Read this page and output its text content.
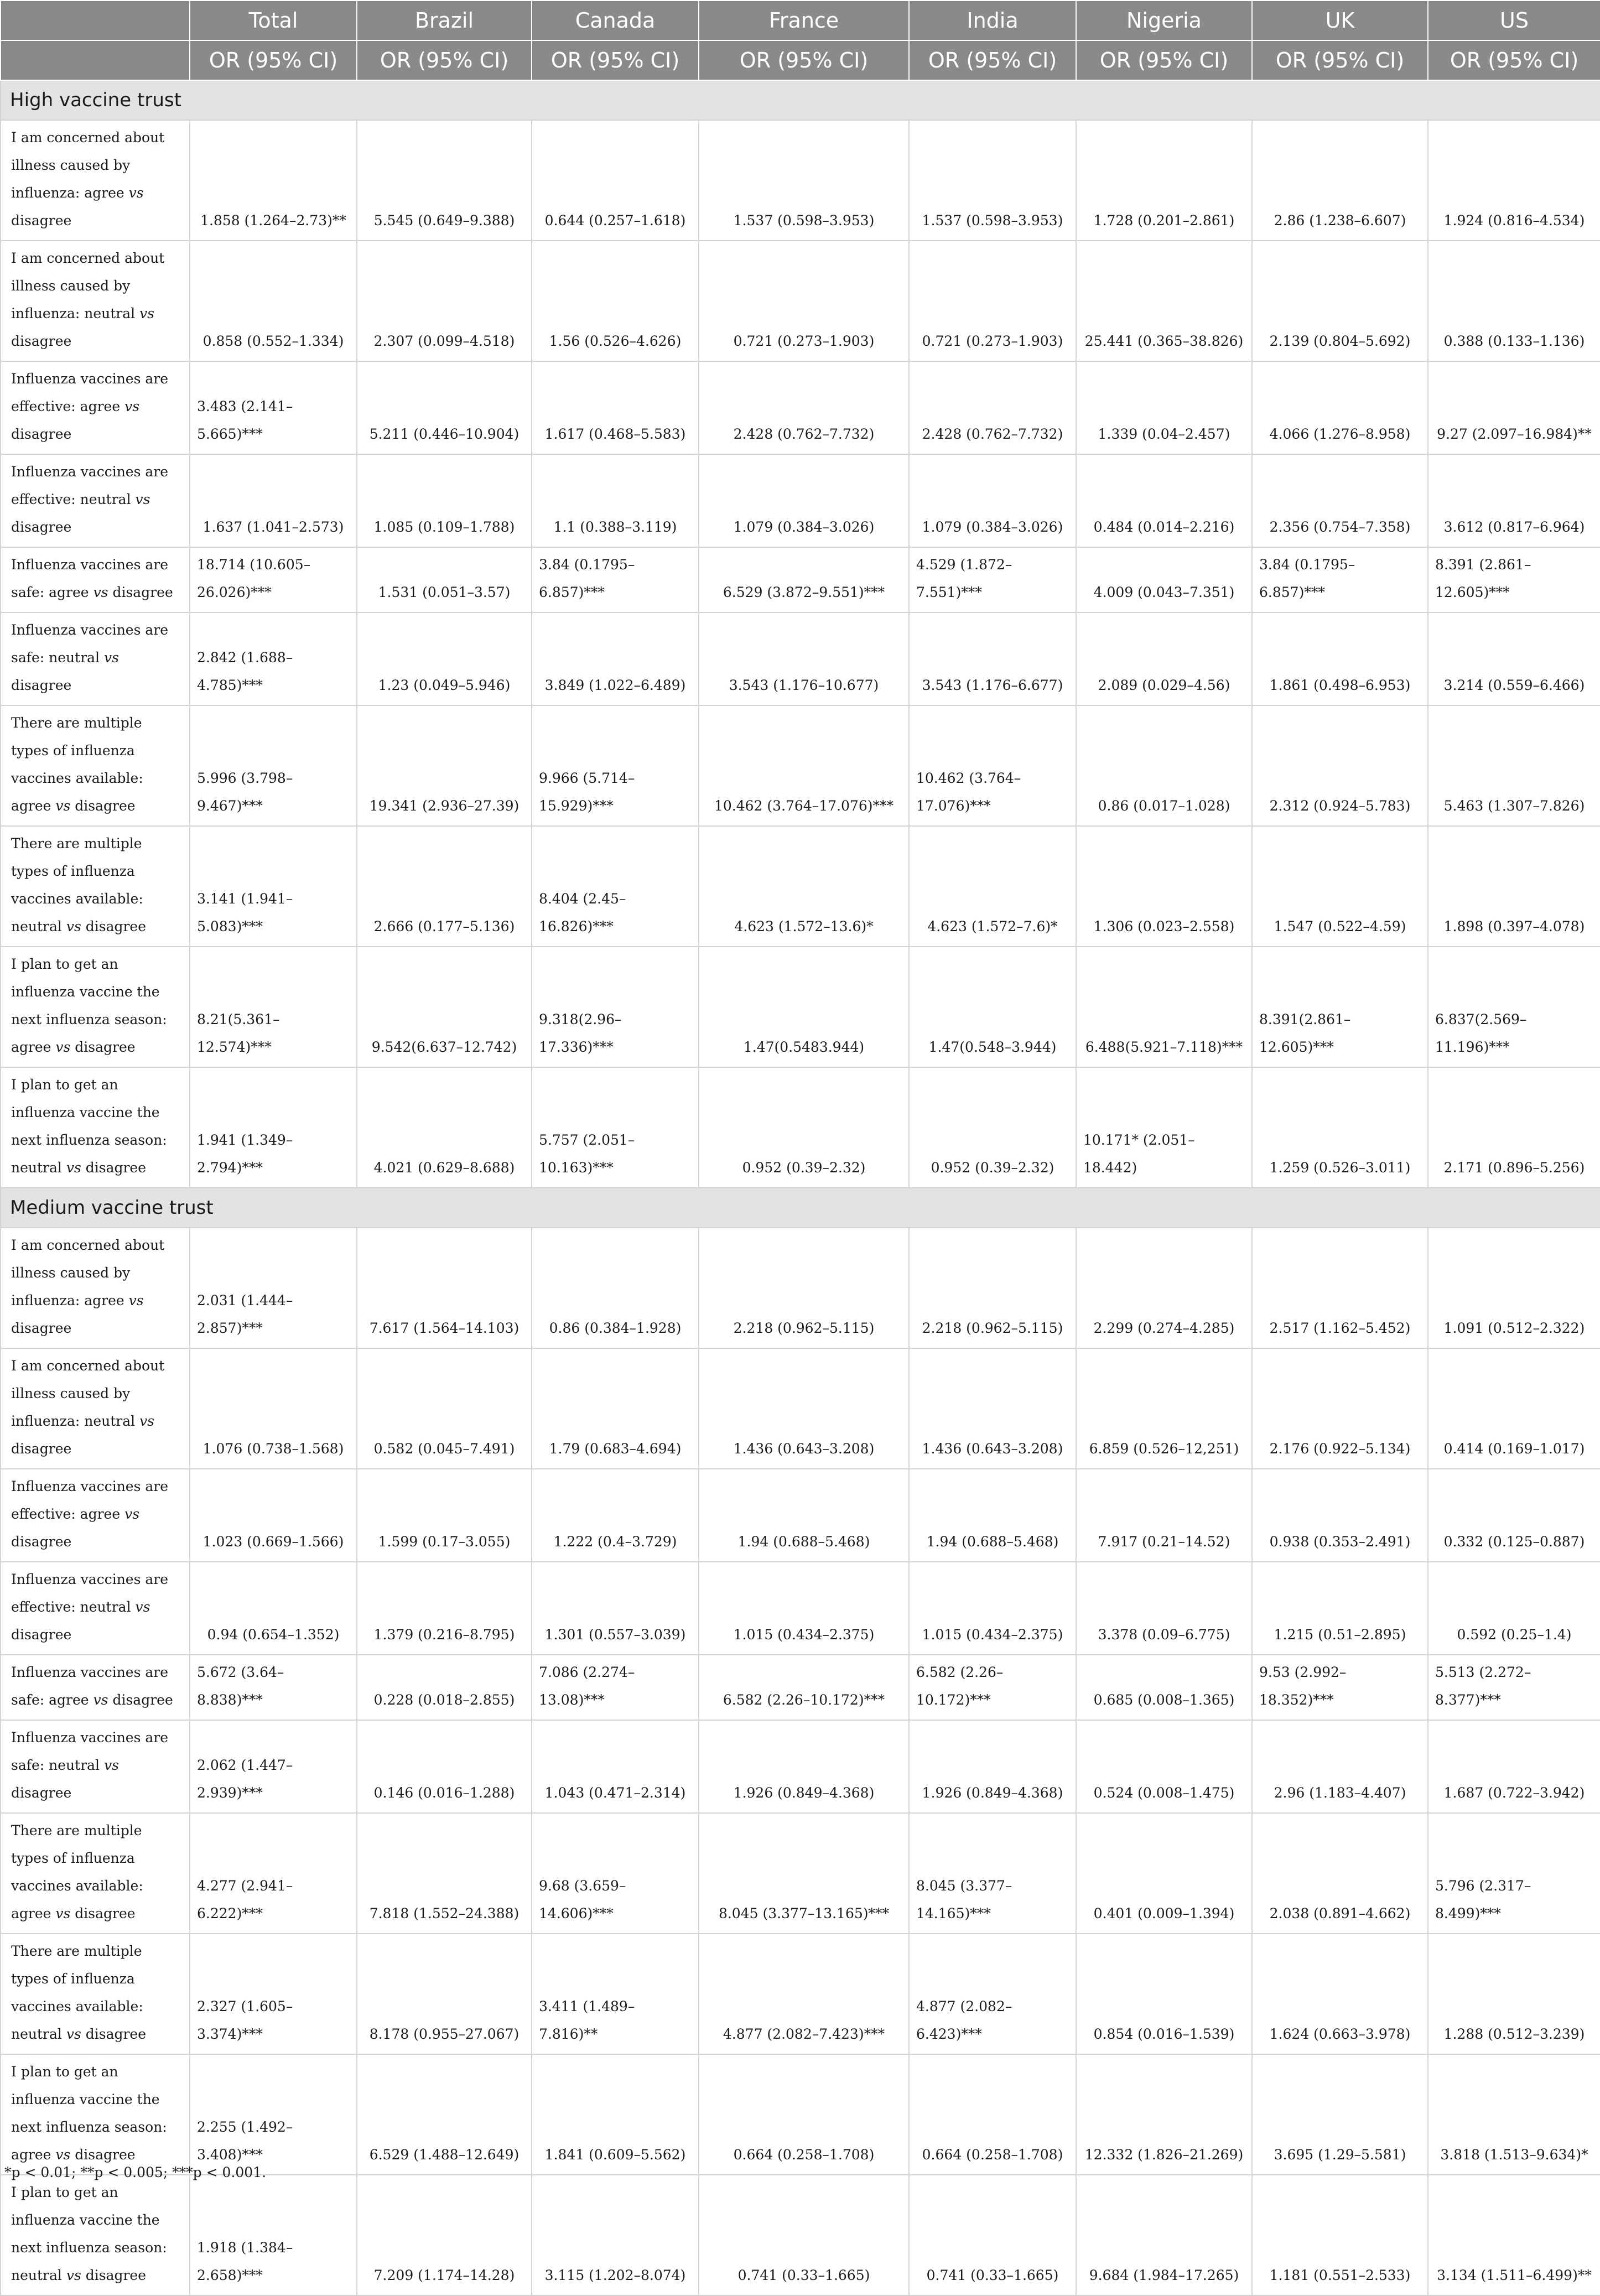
	Total	Brazil	Canada	France	India	Nigeria	UK	US
	OR (95% CI)	OR (95% CI)	OR (95% CI)	OR (95% CI)	OR (95% CI)	OR (95% CI)	OR (95% CI)	OR (95% CI)
High vaccine trust								
I am concerned about illness caused by influenza: agree vs disagree	1.858 (1.264–2.73)**	5.545 (0.649–9.388)	0.644 (0.257–1.618)	1.537 (0.598–3.953)	1.537 (0.598–3.953)	1.728 (0.201–2.861)	2.86 (1.238–6.607)	1.924 (0.816–4.534)
I am concerned about illness caused by influenza: neutral vs disagree	0.858 (0.552–1.334)	2.307 (0.099–4.518)	1.56 (0.526–4.626)	0.721 (0.273–1.903)	0.721 (0.273–1.903)	25.441 (0.365–38.826)	2.139 (0.804–5.692)	0.388 (0.133–1.136)
Influenza vaccines are effective: agree vs disagree	3.483 (2.141–5.665)***	5.211 (0.446–10.904)	1.617 (0.468–5.583)	2.428 (0.762–7.732)	2.428 (0.762–7.732)	1.339 (0.04–2.457)	4.066 (1.276–8.958)	9.27 (2.097–16.984)**
Influenza vaccines are effective: neutral vs disagree	1.637 (1.041–2.573)	1.085 (0.109–1.788)	1.1 (0.388–3.119)	1.079 (0.384–3.026)	1.079 (0.384–3.026)	0.484 (0.014–2.216)	2.356 (0.754–7.358)	3.612 (0.817–6.964)
Influenza vaccines are safe: agree vs disagree	18.714 (10.605–26.026)***	1.531 (0.051–3.57)	3.84 (0.1795–6.857)***	6.529 (3.872–9.551)***	4.529 (1.872–7.551)***	4.009 (0.043–7.351)	3.84 (0.1795–6.857)***	8.391 (2.861–12.605)***
Influenza vaccines are safe: neutral vs disagree	2.842 (1.688–4.785)***	1.23 (0.049–5.946)	3.849 (1.022–6.489)	3.543 (1.176–10.677)	3.543 (1.176–6.677)	2.089 (0.029–4.56)	1.861 (0.498–6.953)	3.214 (0.559–6.466)
There are multiple types of influenza vaccines available: agree vs disagree	5.996 (3.798–9.467)***	19.341 (2.936–27.39)	9.966 (5.714–15.929)***	10.462 (3.764–17.076)***	10.462 (3.764–17.076)***	0.86 (0.017–1.028)	2.312 (0.924–5.783)	5.463 (1.307–7.826)
There are multiple types of influenza vaccines available: neutral vs disagree	3.141 (1.941–5.083)***	2.666 (0.177–5.136)	8.404 (2.45–16.826)***	4.623 (1.572–13.6)*	4.623 (1.572–7.6)*	1.306 (0.023–2.558)	1.547 (0.522–4.59)	1.898 (0.397–4.078)
I plan to get an influenza vaccine the next influenza season: agree vs disagree	8.21(5.361–12.574)***	9.542(6.637–12.742)	9.318(2.96–17.336)***	1.47(0.5483.944)	1.47(0.548–3.944)	6.488(5.921–7.118)***	8.391(2.861–12.605)***	6.837(2.569–11.196)***
I plan to get an influenza vaccine the next influenza season: neutral vs disagree	1.941 (1.349–2.794)***	4.021 (0.629–8.688)	5.757 (2.051–10.163)***	0.952 (0.39–2.32)	0.952 (0.39–2.32)	10.171* (2.051–18.442)	1.259 (0.526–3.011)	2.171 (0.896–5.256)
Medium vaccine trust								
I am concerned about illness caused by influenza: agree vs disagree	2.031 (1.444–2.857)***	7.617 (1.564–14.103)	0.86 (0.384–1.928)	2.218 (0.962–5.115)	2.218 (0.962–5.115)	2.299 (0.274–4.285)	2.517 (1.162–5.452)	1.091 (0.512–2.322)
I am concerned about illness caused by influenza: neutral vs disagree	1.076 (0.738–1.568)	0.582 (0.045–7.491)	1.79 (0.683–4.694)	1.436 (0.643–3.208)	1.436 (0.643–3.208)	6.859 (0.526–12,251)	2.176 (0.922–5.134)	0.414 (0.169–1.017)
Influenza vaccines are effective: agree vs disagree	1.023 (0.669–1.566)	1.599 (0.17–3.055)	1.222 (0.4–3.729)	1.94 (0.688–5.468)	1.94 (0.688–5.468)	7.917 (0.21–14.52)	0.938 (0.353–2.491)	0.332 (0.125–0.887)
Influenza vaccines are effective: neutral vs disagree	0.94 (0.654–1.352)	1.379 (0.216–8.795)	1.301 (0.557–3.039)	1.015 (0.434–2.375)	1.015 (0.434–2.375)	3.378 (0.09–6.775)	1.215 (0.51–2.895)	0.592 (0.25–1.4)
Influenza vaccines are safe: agree vs disagree	5.672 (3.64–8.838)***	0.228 (0.018–2.855)	7.086 (2.274–13.08)***	6.582 (2.26–10.172)***	6.582 (2.26–10.172)***	0.685 (0.008–1.365)	9.53 (2.992–18.352)***	5.513 (2.272–8.377)***
Influenza vaccines are safe: neutral vs disagree	2.062 (1.447–2.939)***	0.146 (0.016–1.288)	1.043 (0.471–2.314)	1.926 (0.849–4.368)	1.926 (0.849–4.368)	0.524 (0.008–1.475)	2.96 (1.183–4.407)	1.687 (0.722–3.942)
There are multiple types of influenza vaccines available: agree vs disagree	4.277 (2.941–6.222)***	7.818 (1.552–24.388)	9.68 (3.659–14.606)***	8.045 (3.377–13.165)***	8.045 (3.377–14.165)***	0.401 (0.009–1.394)	2.038 (0.891–4.662)	5.796 (2.317–8.499)***
There are multiple types of influenza vaccines available: neutral vs disagree	2.327 (1.605–3.374)***	8.178 (0.955–27.067)	3.411 (1.489–7.816)**	4.877 (2.082–7.423)***	4.877 (2.082–6.423)***	0.854 (0.016–1.539)	1.624 (0.663–3.978)	1.288 (0.512–3.239)
I plan to get an influenza vaccine the next influenza season: agree vs disagree	2.255 (1.492–3.408)***	6.529 (1.488–12.649)	1.841 (0.609–5.562)	0.664 (0.258–1.708)	0.664 (0.258–1.708)	12.332 (1.826–21.269)	3.695 (1.29–5.581)	3.818 (1.513–9.634)*
I plan to get an influenza vaccine the next influenza season: neutral vs disagree	1.918 (1.384–2.658)***	7.209 (1.174–14.28)	3.115 (1.202–8.074)	0.741 (0.33–1.665)	0.741 (0.33–1.665)	9.684 (1.984–17.265)	1.181 (0.551–2.533)	3.134 (1.511–6.499)**
*p < 0.01; **p < 0.005; ***p < 0.001.
